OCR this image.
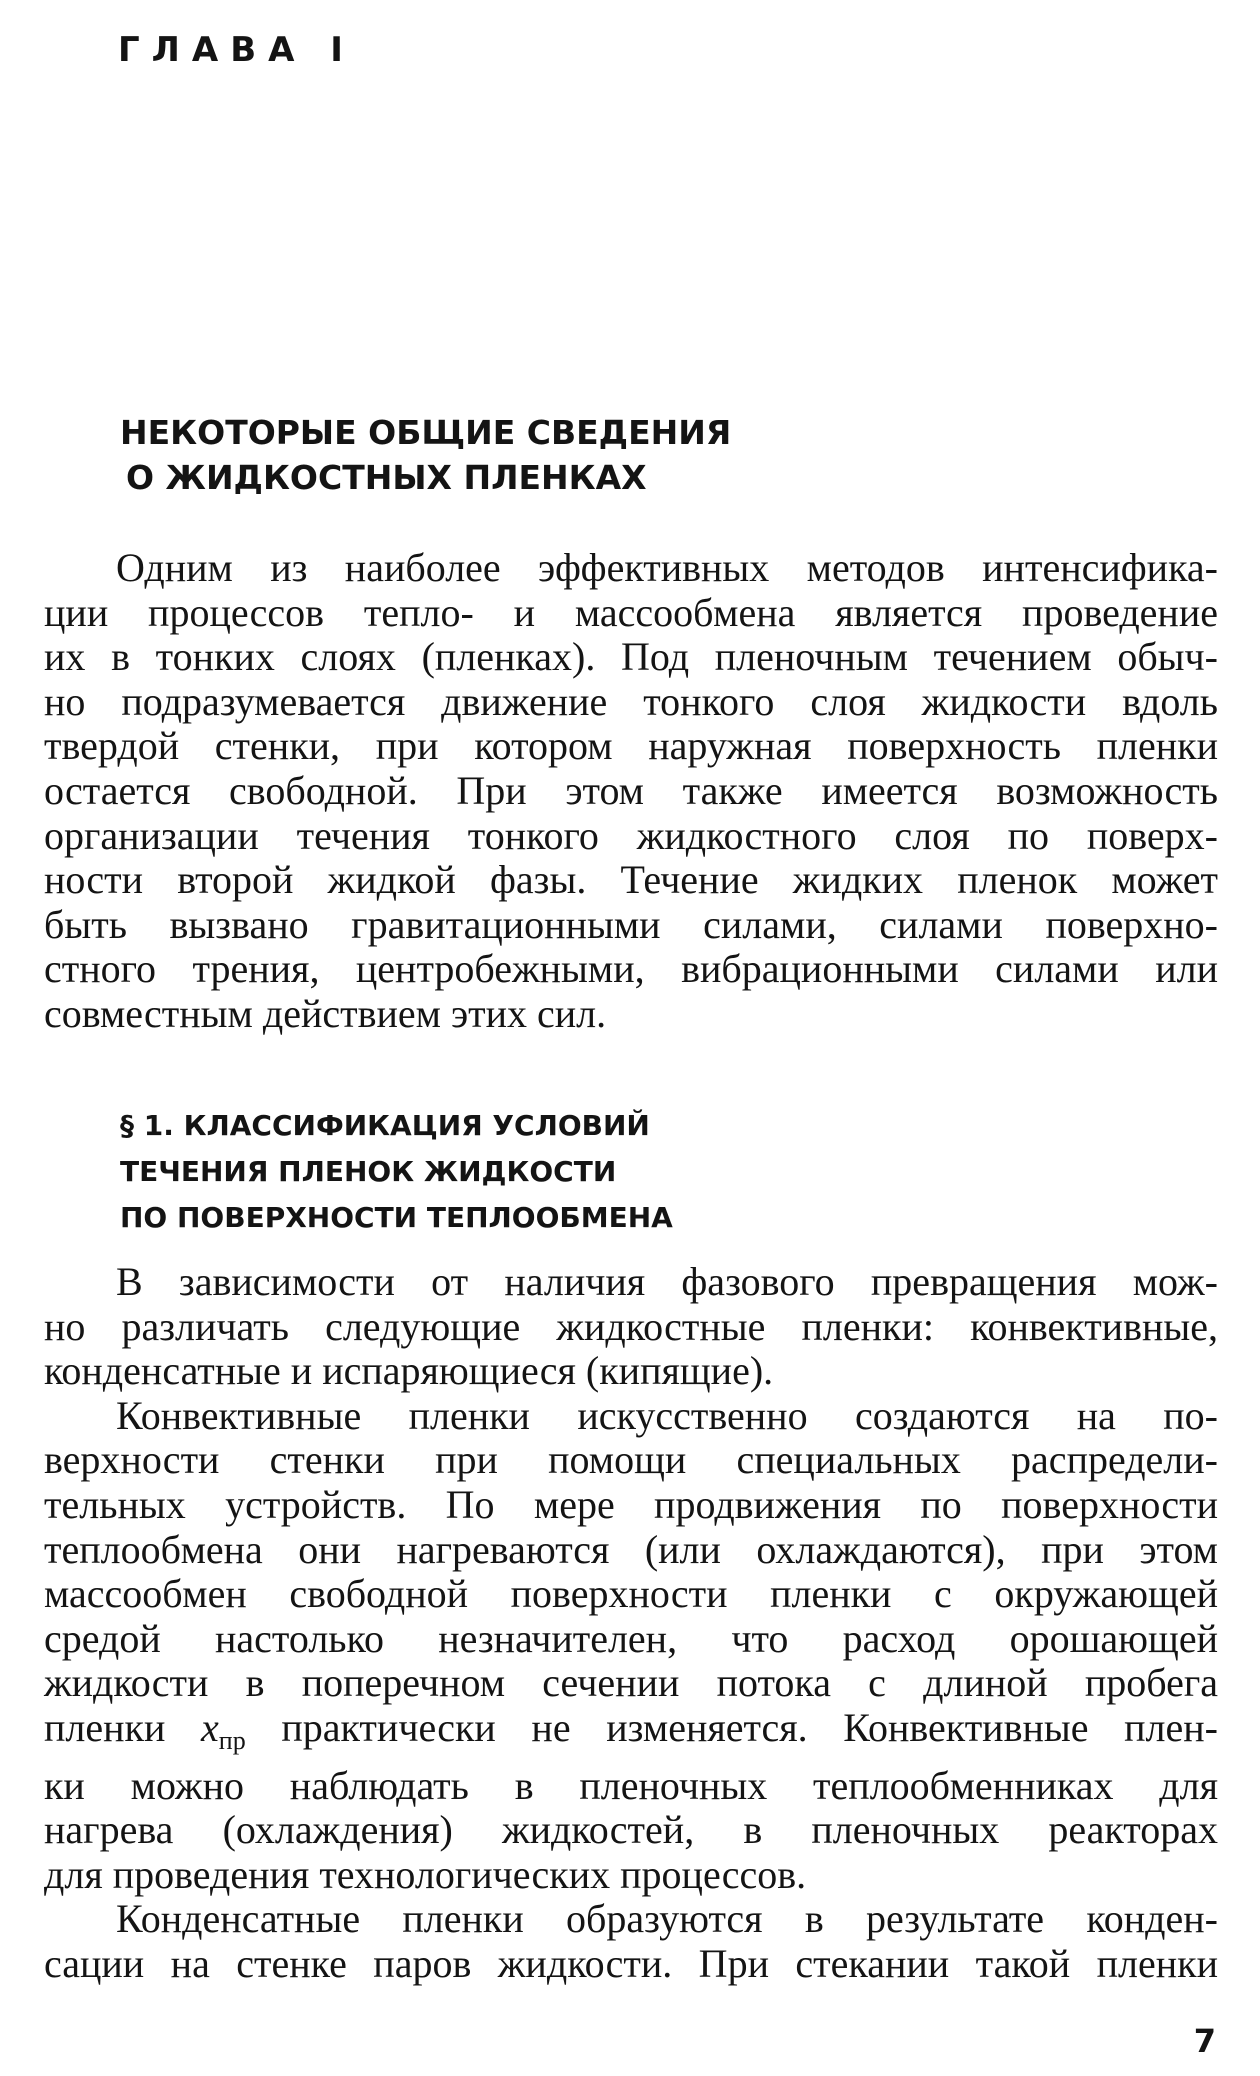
ГЛАВА I
НЕКОТОРЫЕ ОБЩИЕ СВЕДЕНИЯ
О ЖИДКОСТНЫХ ПЛЕНКАХ
Одним из наиболее эффективных методов интенсифика-
ции процессов тепло- и массообмена является проведение
их в тонких слоях (пленках). Под пленочным течением обыч-
но подразумевается движение тонкого слоя жидкости вдоль
твердой стенки, при котором наружная поверхность пленки
остается свободной. При этом также имеется возможность
организации течения тонкого жидкостного слоя по поверх-
ности второй жидкой фазы. Течение жидких пленок может
быть вызвано гравитационными силами, силами поверхно-
стного трения, центробежными, вибрационными силами или
совместным действием этих сил.
§ 1. КЛАССИФИКАЦИЯ УСЛОВИЙ
ТЕЧЕНИЯ ПЛЕНОК ЖИДКОСТИ
ПО ПОВЕРХНОСТИ ТЕПЛООБМЕНА
В зависимости от наличия фазового превращения мож-
но различать следующие жидкостные пленки: конвективные,
конденсатные и испаряющиеся (кипящие).
Конвективные пленки искусственно создаются на по-
верхности стенки при помощи специальных распредели-
тельных устройств. По мере продвижения по поверхности
теплообмена они нагреваются (или охлаждаются), при этом
массообмен свободной поверхности пленки с окружающей
средой настолько незначителен, что расход орошающей
жидкости в поперечном сечении потока с длиной пробега
пленки $x_{пр}$ практически не изменяется. Конвективные плен-
ки можно наблюдать в пленочных теплообменниках для
нагрева (охлаждения) жидкостей, в пленочных реакторах
для проведения технологических процессов.
Конденсатные пленки образуются в результате конден-
сации на стенке паров жидкости. При стекании такой пленки
7
